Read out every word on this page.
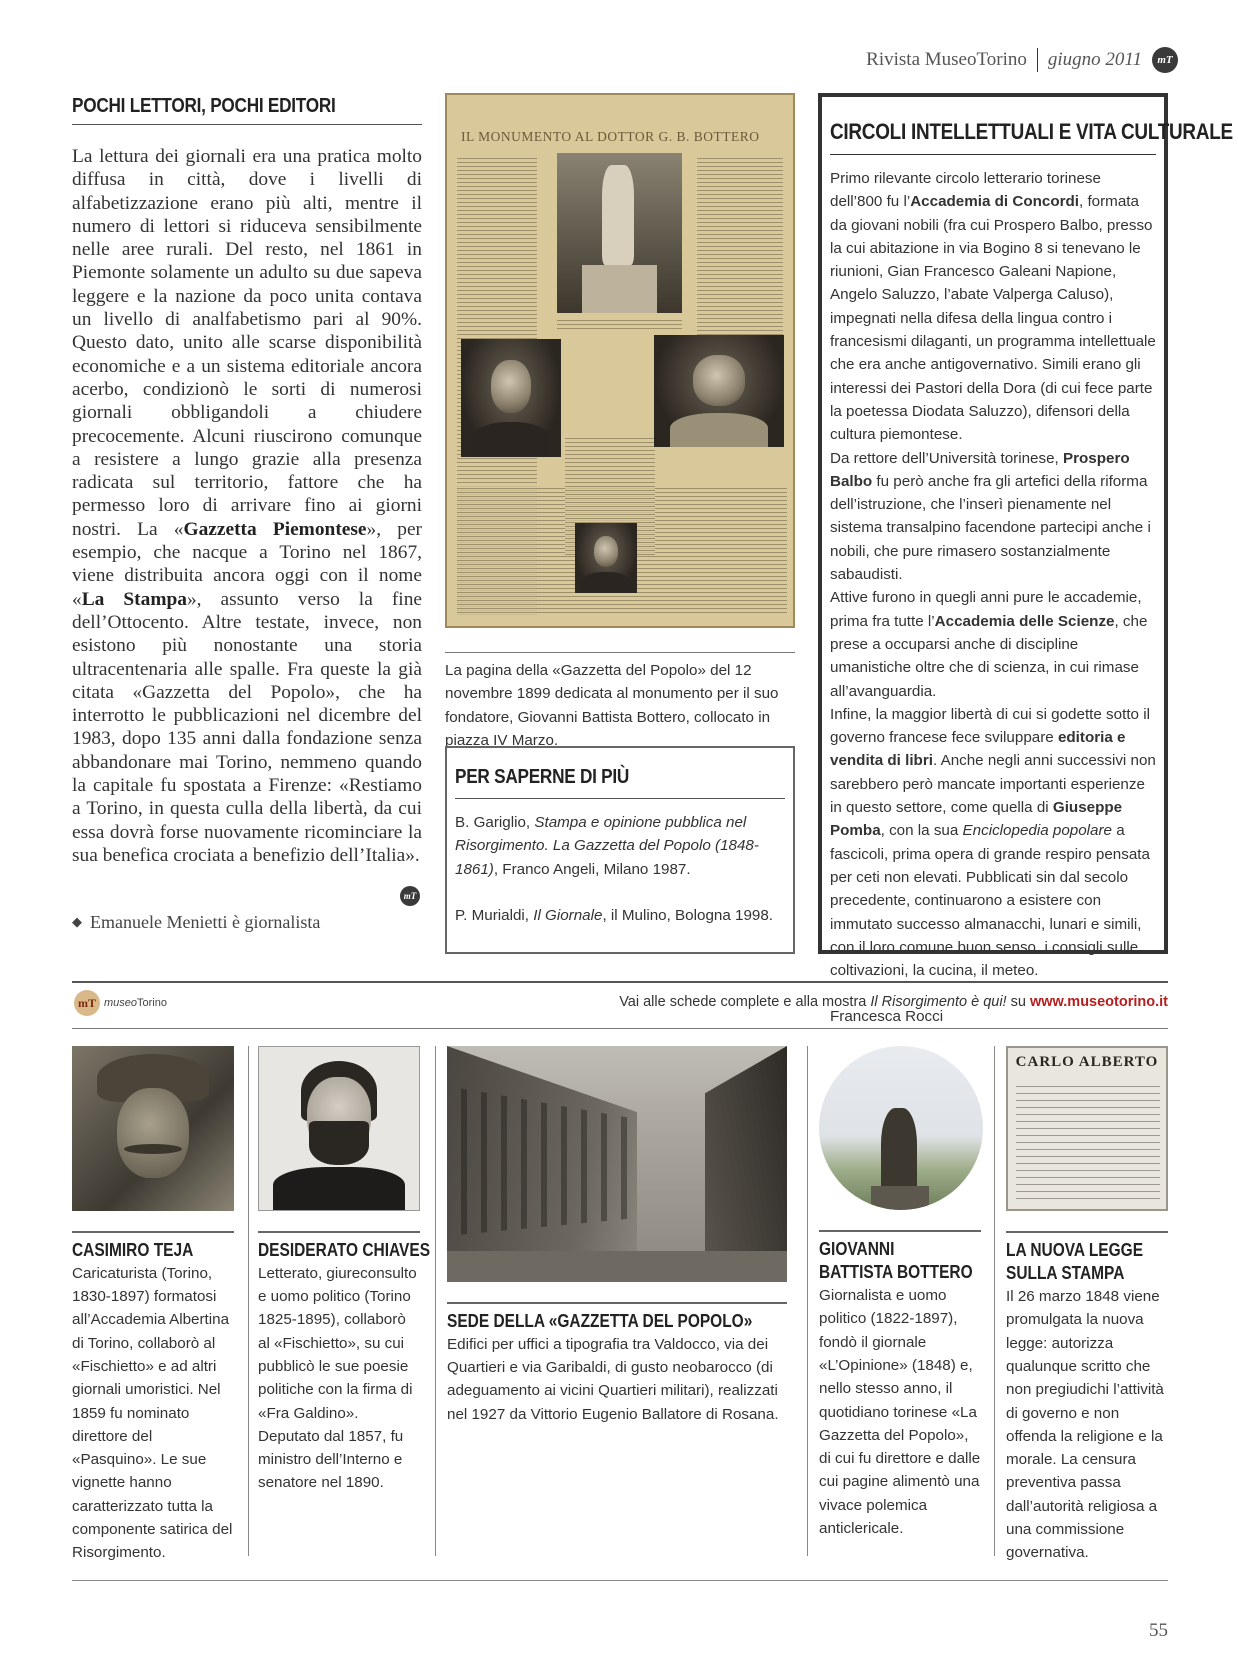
Rivista MuseoTorino giugno 2011	mT
POCHI LETTORI, POCHI EDITORI
La lettura dei giornali era una pratica molto diffusa in città, dove i livelli di alfabetizzazione erano più alti, mentre il numero di lettori si riduceva sensibilmente nelle aree rurali. Del resto, nel 1861 in Piemonte solamente un adulto su due sapeva leggere e la nazione da poco unita contava un livello di analfabetismo pari al 90%. Questo dato, unito alle scarse disponibilità economiche e a un sistema editoriale ancora acerbo, condizionò le sorti di numerosi giornali obbligandoli a chiudere precocemente. Alcuni riuscirono comunque a resistere a lungo grazie alla presenza radicata sul territorio, fattore che ha permesso loro di arrivare fino ai giorni nostri. La «Gazzetta Piemontese», per esempio, che nacque a Torino nel 1867, viene distribuita ancora oggi con il nome «La Stampa», assunto verso la fine dell’Ottocento. Altre testate, invece, non esistono più nonostante una storia ultracentenaria alle spalle. Fra queste la già citata «Gazzetta del Popolo», che ha interrotto le pubblicazioni nel dicembre del 1983, dopo 135 anni dalla fondazione senza abbandonare mai Torino, nemmeno quando la capitale fu spostata a Firenze: «Restiamo a Torino, in questa culla della libertà, da cui essa dovrà forse nuovamente ricominciare la sua benefica crociata a benefizio dell’Italia».
mT
◆ Emanuele Menietti è giornalista
IL MONUMENTO AL DOTTOR G. B. BOTTERO
La pagina della «Gazzetta del Popolo» del 12 novembre 1899 dedicata al monumento per il suo fondatore, Giovanni Battista Bottero, collocato in piazza IV Marzo.
PER SAPERNE DI PIÙ
B. Gariglio, Stampa e opinione pubblica nel Risorgimento. La Gazzetta del Popolo (1848-1861), Franco Angeli, Milano 1987.
P. Murialdi, Il Giornale, il Mulino, Bologna 1998.
CIRCOLI INTELLETTUALI E VITA CULTURALE
Primo rilevante circolo letterario torinese dell’800 fu l’Accademia di Concordi, formata da giovani nobili (fra cui Prospero Balbo, presso la cui abitazione in via Bogino 8 si tenevano le riunioni, Gian Francesco Galeani Napione, Angelo Saluzzo, l’abate Valperga Caluso), impegnati nella difesa della lingua contro i francesismi dilaganti, un programma intellettuale che era anche antigovernativo. Simili erano gli interessi dei Pastori della Dora (di cui fece parte la poetessa Diodata Saluzzo), difensori della cultura piemontese.
Da rettore dell’Università torinese, Prospero Balbo fu però anche fra gli artefici della riforma dell’istruzione, che l’inserì pienamente nel sistema transalpino facendone partecipi anche i nobili, che pure rimasero sostanzialmente sabaudisti.
Attive furono in quegli anni pure le accademie, prima fra tutte l’Accademia delle Scienze, che prese a occuparsi anche di discipline umanistiche oltre che di scienza, in cui rimase all’avanguardia.
Infine, la maggior libertà di cui si godette sotto il governo francese fece sviluppare editoria e vendita di libri. Anche negli anni successivi non sarebbero però mancate importanti esperienze in questo settore, come quella di Giuseppe Pomba, con la sua Enciclopedia popolare a fascicoli, prima opera di grande respiro pensata per ceti non elevati. Pubblicati sin dal secolo precedente, continuarono a esistere con immutato successo almanacchi, lunari e simili, con il loro comune buon senso, i consigli sulle coltivazioni, la cucina, il meteo.
Francesca Rocci
mT museoTorino	Vai alle schede complete e alla mostra Il Risorgimento è qui! su www.museotorino.it
CASIMIRO TEJA
Caricaturista (Torino, 1830-1897) formatosi all’Accademia Albertina di Torino, collaborò al «Fischietto» e ad altri giornali umoristici. Nel 1859 fu nominato direttore del «Pasquino». Le sue vignette hanno caratterizzato tutta la componente satirica del Risorgimento.
DESIDERATO CHIAVES
Letterato, giureconsulto e uomo politico (Torino 1825-1895), collaborò al «Fischietto», su cui pubblicò le sue poesie politiche con la firma di «Fra Galdino». Deputato dal 1857, fu ministro dell’Interno e senatore nel 1890.
SEDE DELLA «GAZZETTA DEL POPOLO»
Edifici per uffici a tipografia tra Valdocco, via dei Quartieri e via Garibaldi, di gusto neobarocco (di adeguamento ai vicini Quartieri militari), realizzati nel 1927 da Vittorio Eugenio Ballatore di Rosana.
GIOVANNI
BATTISTA BOTTERO
Giornalista e uomo politico (1822-1897), fondò il giornale «L’Opinione» (1848) e, nello stesso anno, il quotidiano torinese «La Gazzetta del Popolo», di cui fu direttore e dalle cui pagine alimentò una vivace polemica anticlericale.
CARLO ALBERTO
LA NUOVA LEGGE
SULLA STAMPA
Il 26 marzo 1848 viene promulgata la nuova legge: autorizza qualunque scritto che non pregiudichi l’attività di governo e non offenda la religione e la morale. La censura preventiva passa dall’autorità religiosa a una commissione governativa.
55
